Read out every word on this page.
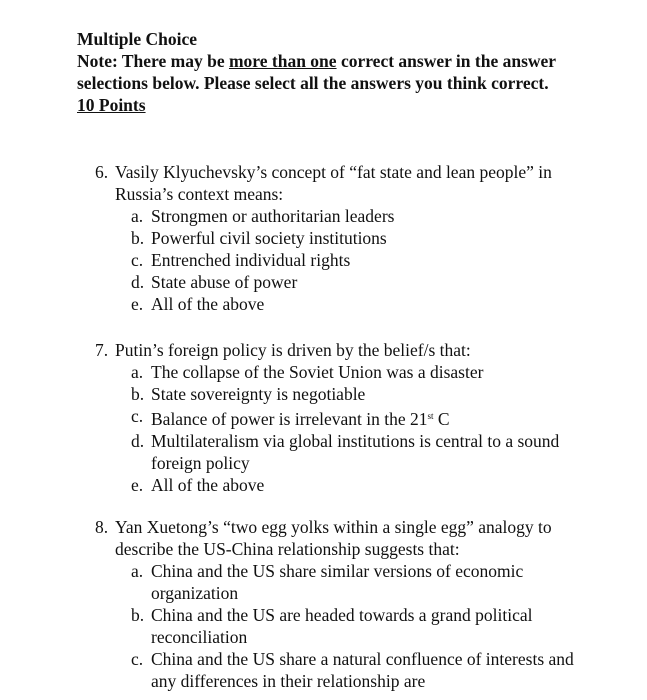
Multiple Choice
Note: There may be more than one correct answer in the answer selections below. Please select all the answers you think correct.
10 Points
6. Vasily Klyuchevsky’s concept of “fat state and lean people” in Russia’s context means:
a. Strongmen or authoritarian leaders
b. Powerful civil society institutions
c. Entrenched individual rights
d. State abuse of power
e. All of the above
7. Putin’s foreign policy is driven by the belief/s that:
a. The collapse of the Soviet Union was a disaster
b. State sovereignty is negotiable
c. Balance of power is irrelevant in the 21st C
d. Multilateralism via global institutions is central to a sound foreign policy
e. All of the above
8. Yan Xuetong’s “two egg yolks within a single egg” analogy to describe the US-China relationship suggests that:
a. China and the US share similar versions of economic organization
b. China and the US are headed towards a grand political reconciliation
c. China and the US share a natural confluence of interests and any differences in their relationship are
